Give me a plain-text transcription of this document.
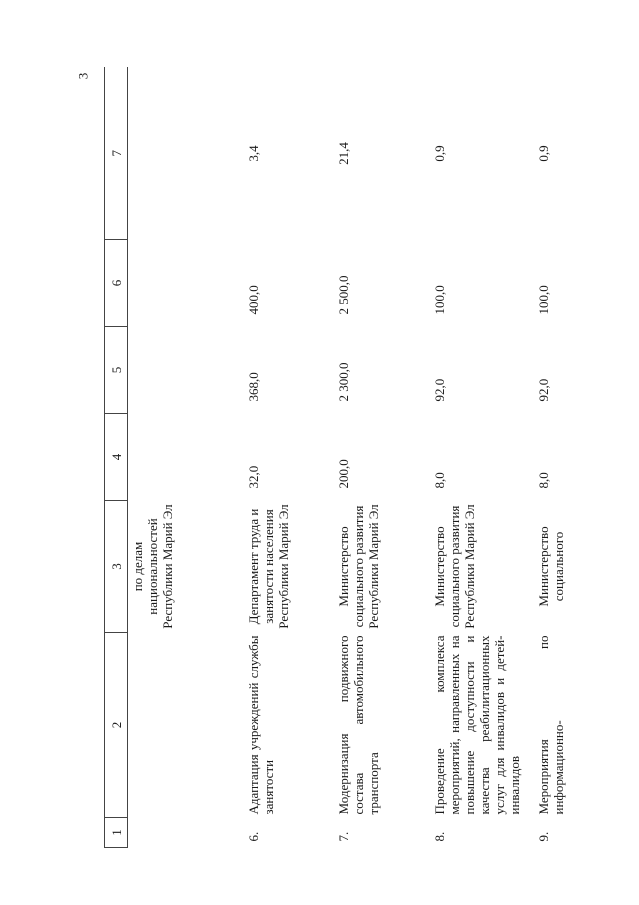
3
1	2	3	4	5	6	7
		по делам национальностей Республики Марий Эл				
6.	Адаптация учреждений службы занятости	Департамент труда и занятости населения Республики Марий Эл	32,0	368,0	400,0	3,4
7.	Модернизация подвижного состава автомобильного транспорта	Министерство социального развития Республики Марий Эл	200,0	2 300,0	2 500,0	21,4
8.	Проведение комплекса мероприятий, направленных на повышение доступности и качества реабилитационных услуг для инвалидов и детей-инвалидов	Министерство социального развития Республики Марий Эл	8,0	92,0	100,0	0,9
9.	Мероприятия по информационно-	Министерство социального	8,0	92,0	100,0	0,9
